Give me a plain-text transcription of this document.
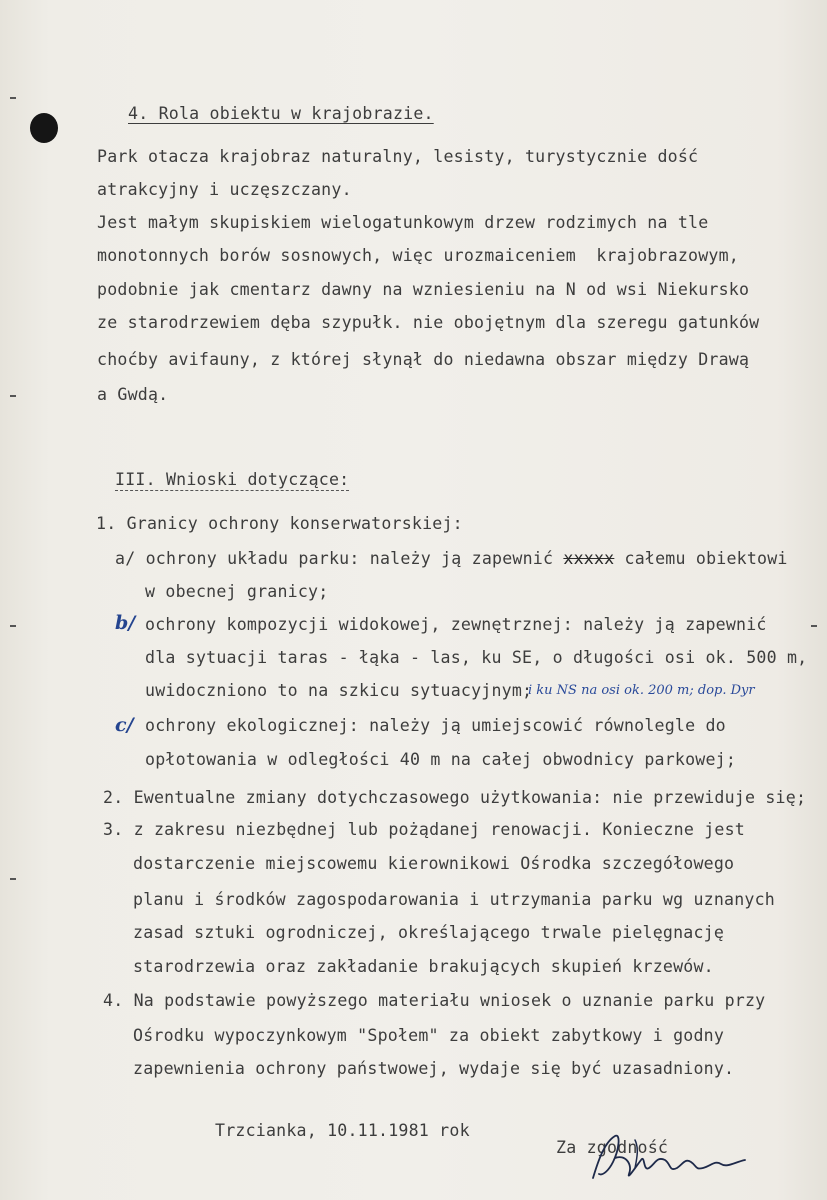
4. Rola obiektu w krajobrazie.
Park otacza krajobraz naturalny, lesisty, turystycznie dość
atrakcyjny i uczęszczany.
Jest małym skupiskiem wielogatunkowym drzew rodzimych na tle
monotonnych borów sosnowych, więc urozmaiceniem  krajobrazowym,
podobnie jak cmentarz dawny na wzniesieniu na N od wsi Niekursko
ze starodrzewiem dęba szypułk. nie obojętnym dla szeregu gatunków
choćby avifauny, z której słynął do niedawna obszar między Drawą
a Gwdą.
III. Wnioski dotyczące:
1. Granicy ochrony konserwatorskiej:
a/ ochrony układu parku: należy ją zapewnić xxxxx całemu obiektowi
w obecnej granicy;
b/ ochrony kompozycji widokowej, zewnętrznej: należy ją zapewnić
dla sytuacji taras - łąka - las, ku SE, o długości osi ok. 500 m,
uwidoczniono to na szkicu sytuacyjnym;
i ku NS na osi ok. 200 m; dop. Dyr
c/ ochrony ekologicznej: należy ją umiejscowić równolegle do
opłotowania w odległości 40 m na całej obwodnicy parkowej;
2. Ewentualne zmiany dotychczasowego użytkowania: nie przewiduje się;
3. z zakresu niezbędnej lub pożądanej renowacji. Konieczne jest
dostarczenie miejscowemu kierownikowi Ośrodka szczegółowego
planu i środków zagospodarowania i utrzymania parku wg uznanych
zasad sztuki ogrodniczej, określającego trwale pielęgnację
starodrzewia oraz zakładanie brakujących skupień krzewów.
4. Na podstawie powyższego materiału wniosek o uznanie parku przy
Ośrodku wypoczynkowym "Społem" za obiekt zabytkowy i godny
zapewnienia ochrony państwowej, wydaje się być uzasadniony.
Trzcianka, 10.11.1981 rok
Za zgodność
